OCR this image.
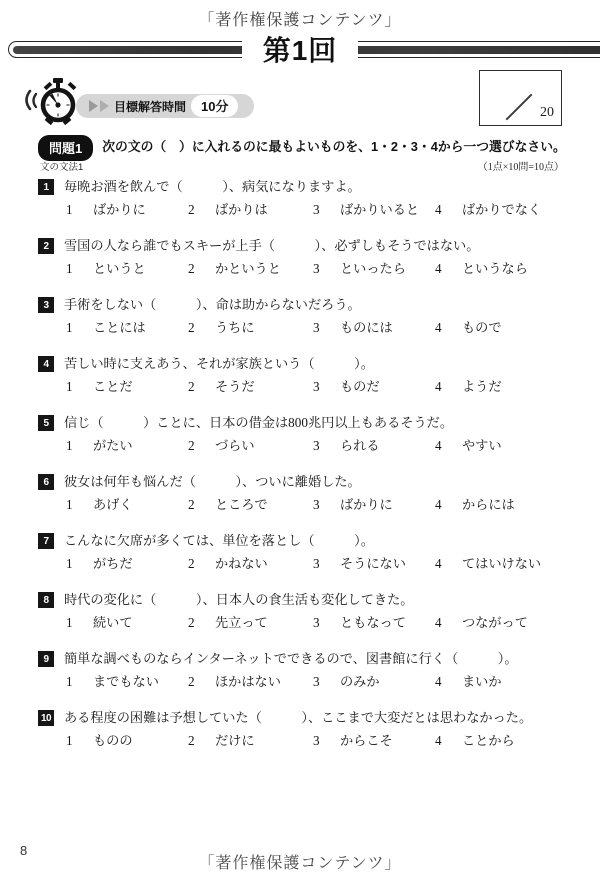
「著作権保護コンテンツ」
第1回
目標解答時間	10分	20
問題1	次の文の（　）に入れるのに最もよいものを、1・2・3・4から一つ選びなさい。
文の文法1	（1点×10問=10点）
1	毎晩お酒を飲んで（　　　）、病気になりますよ。
1 ばかりに	2 ばかりは	3 ばかりいると	4 ばかりでなく
2	雪国の人なら誰でもスキーが上手（　　　）、必ずしもそうではない。
1 というと	2 かというと	3 といったら	4 というなら
3	手術をしない（　　　）、命は助からないだろう。
1 ことには	2 うちに	3 ものには	4 もので
4	苦しい時に支えあう、それが家族という（　　　）。
1 ことだ	2 そうだ	3 ものだ	4 ようだ
5	信じ（　　　）ことに、日本の借金は800兆円以上もあるそうだ。
1 がたい	2 づらい	3 られる	4 やすい
6	彼女は何年も悩んだ（　　　）、ついに離婚した。
1 あげく	2 ところで	3 ばかりに	4 からには
7	こんなに欠席が多くては、単位を落とし（　　　）。
1 がちだ	2 かねない	3 そうにない	4 てはいけない
8	時代の変化に（　　　）、日本人の食生活も変化してきた。
1 続いて	2 先立って	3 ともなって	4 つながって
9	簡単な調べものならインターネットでできるので、図書館に行く（　　　）。
1 までもない	2 ほかはない	3 のみか	4 まいか
10 ある程度の困難は予想していた（　　　）、ここまで大変だとは思わなかった。
1 ものの	2 だけに	3 からこそ	4 ことから
8
「著作権保護コンテンツ」
